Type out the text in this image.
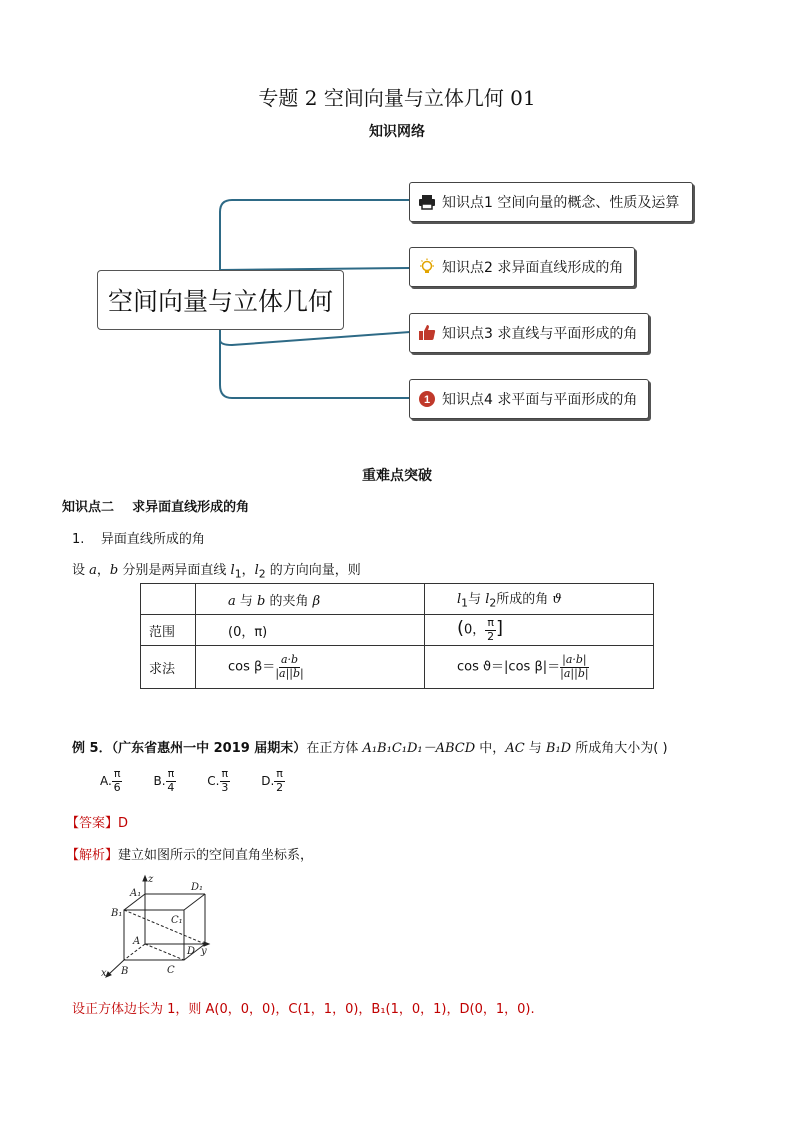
专题 2 空间向量与立体几何 01
知识网络
空间向量与立体几何
知识点1 空间向量的概念、性质及运算
知识点2 求异面直线形成的角
知识点3 求直线与平面形成的角
1 知识点4 求平面与平面形成的角
重难点突破
知识点二    求异面直线形成的角
1.    异面直线所成的角
设 a，b 分别是两异面直线 $l_1$，$l_2$ 的方向向量，则
	a 与 b 的夹角 β	$l_1$与 $l_2$所成的角 ϑ
范围	(0，π)	(0， $\frac{\pi}{2}$ ]
求法	$\cos \beta= \frac{a\cdot b}{|a||b|}$	cos ϑ＝|cos $\beta|= \frac{|a\cdot b|}{|a||b|}$
例 5．（广东省惠州一中 2019 届期末）在正方体 A₁B₁C₁D₁－ABCD 中，AC 与 B₁D 所成角大小为( )
A. $\frac{\pi}{6}$
	B. $\frac{\pi}{4}$
	C. $\frac{\pi}{3}$
	D. $\frac{\pi}{2}$
【答案】D
【解析】建立如图所示的空间直角坐标系，
z
y
x
A₁
D₁
B₁
C₁
A
D
B	C
设正方体边长为 1，则 A(0，0，0)，C(1，1，0)，B₁(1，0，1)，D(0，1，0).
